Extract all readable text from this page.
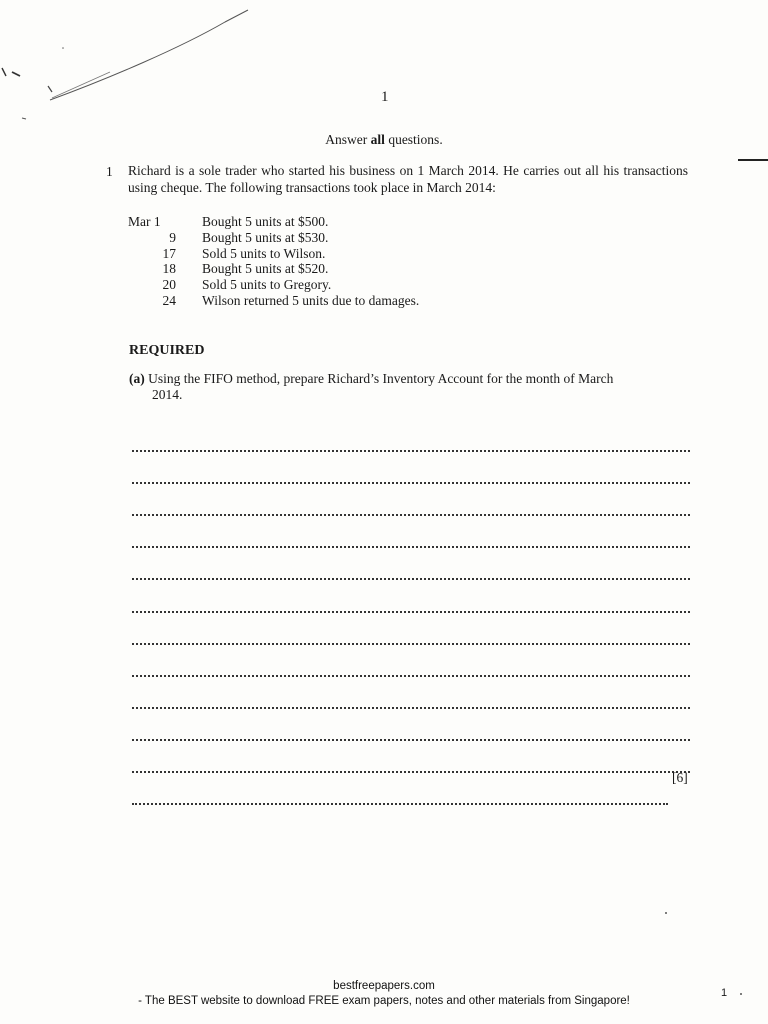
1
Answer all questions.
1 Richard is a sole trader who started his business on 1 March 2014. He carries out all his transactions using cheque. The following transactions took place in March 2014:
Mar 1	Bought 5 units at $500.
9 Bought 5 units at $530.
17 Sold 5 units to Wilson.
18 Bought 5 units at $520.
20 Sold 5 units to Gregory.
24 Wilson returned 5 units due to damages.
REQUIRED
(a) Using the FIFO method, prepare Richard’s Inventory Account for the month of March
2014.
[6]
bestfreepapers.com
- The BEST website to download FREE exam papers, notes and other materials from Singapore!
1
